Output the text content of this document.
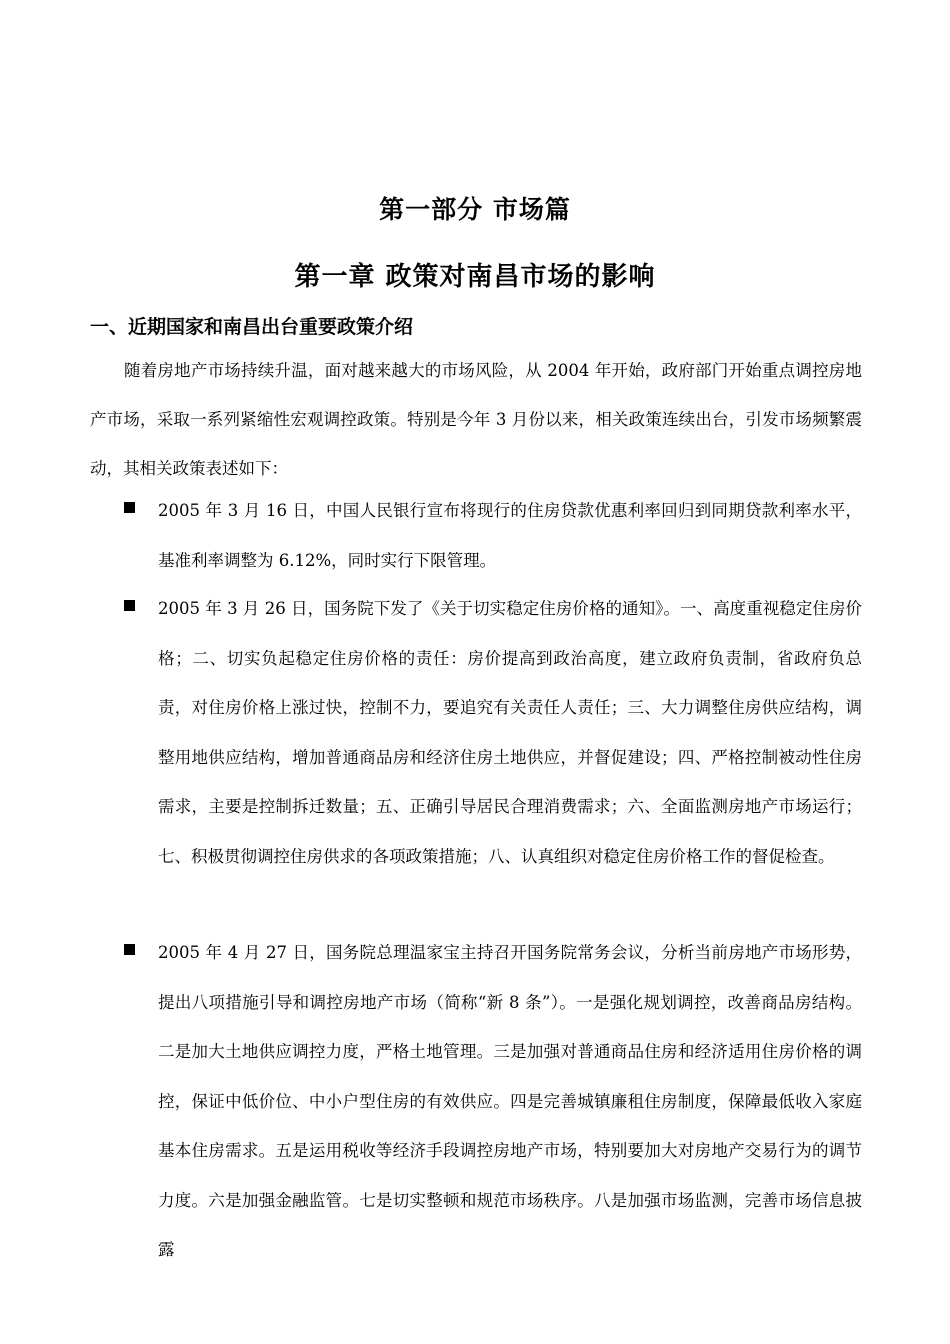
第一部分 市场篇
第一章 政策对南昌市场的影响
一、近期国家和南昌出台重要政策介绍

随着房地产市场持续升温，面对越来越大的市场风险，从 2004 年开始，政府部门开始重点调控房地产市场，采取一系列紧缩性宏观调控政策。特别是今年 3 月份以来，相关政策连续出台，引发市场频繁震动，其相关政策表述如下：

2005 年 3 月 16 日，中国人民银行宣布将现行的住房贷款优惠利率回归到同期贷款利率水平，基准利率调整为 6.12%，同时实行下限管理。

2005 年 3 月 26 日，国务院下发了《关于切实稳定住房价格的通知》。一、高度重视稳定住房价格；二、切实负起稳定住房价格的责任：房价提高到政治高度，建立政府负责制，省政府负总责，对住房价格上涨过快，控制不力，要追究有关责任人责任；三、大力调整住房供应结构，调整用地供应结构，增加普通商品房和经济住房土地供应，并督促建设；四、严格控制被动性住房需求，主要是控制拆迁数量；五、正确引导居民合理消费需求；六、全面监测房地产市场运行；七、积极贯彻调控住房供求的各项政策措施；八、认真组织对稳定住房价格工作的督促检查。

2005 年 4 月 27 日，国务院总理温家宝主持召开国务院常务会议，分析当前房地产市场形势，提出八项措施引导和调控房地产市场（简称“新 8 条”）。一是强化规划调控，改善商品房结构。二是加大土地供应调控力度，严格土地管理。三是加强对普通商品住房和经济适用住房价格的调控，保证中低价位、中小户型住房的有效供应。四是完善城镇廉租住房制度，保障最低收入家庭基本住房需求。五是运用税收等经济手段调控房地产市场，特别要加大对房地产交易行为的调节力度。六是加强金融监管。七是切实整顿和规范市场秩序。八是加强市场监测，完善市场信息披露
